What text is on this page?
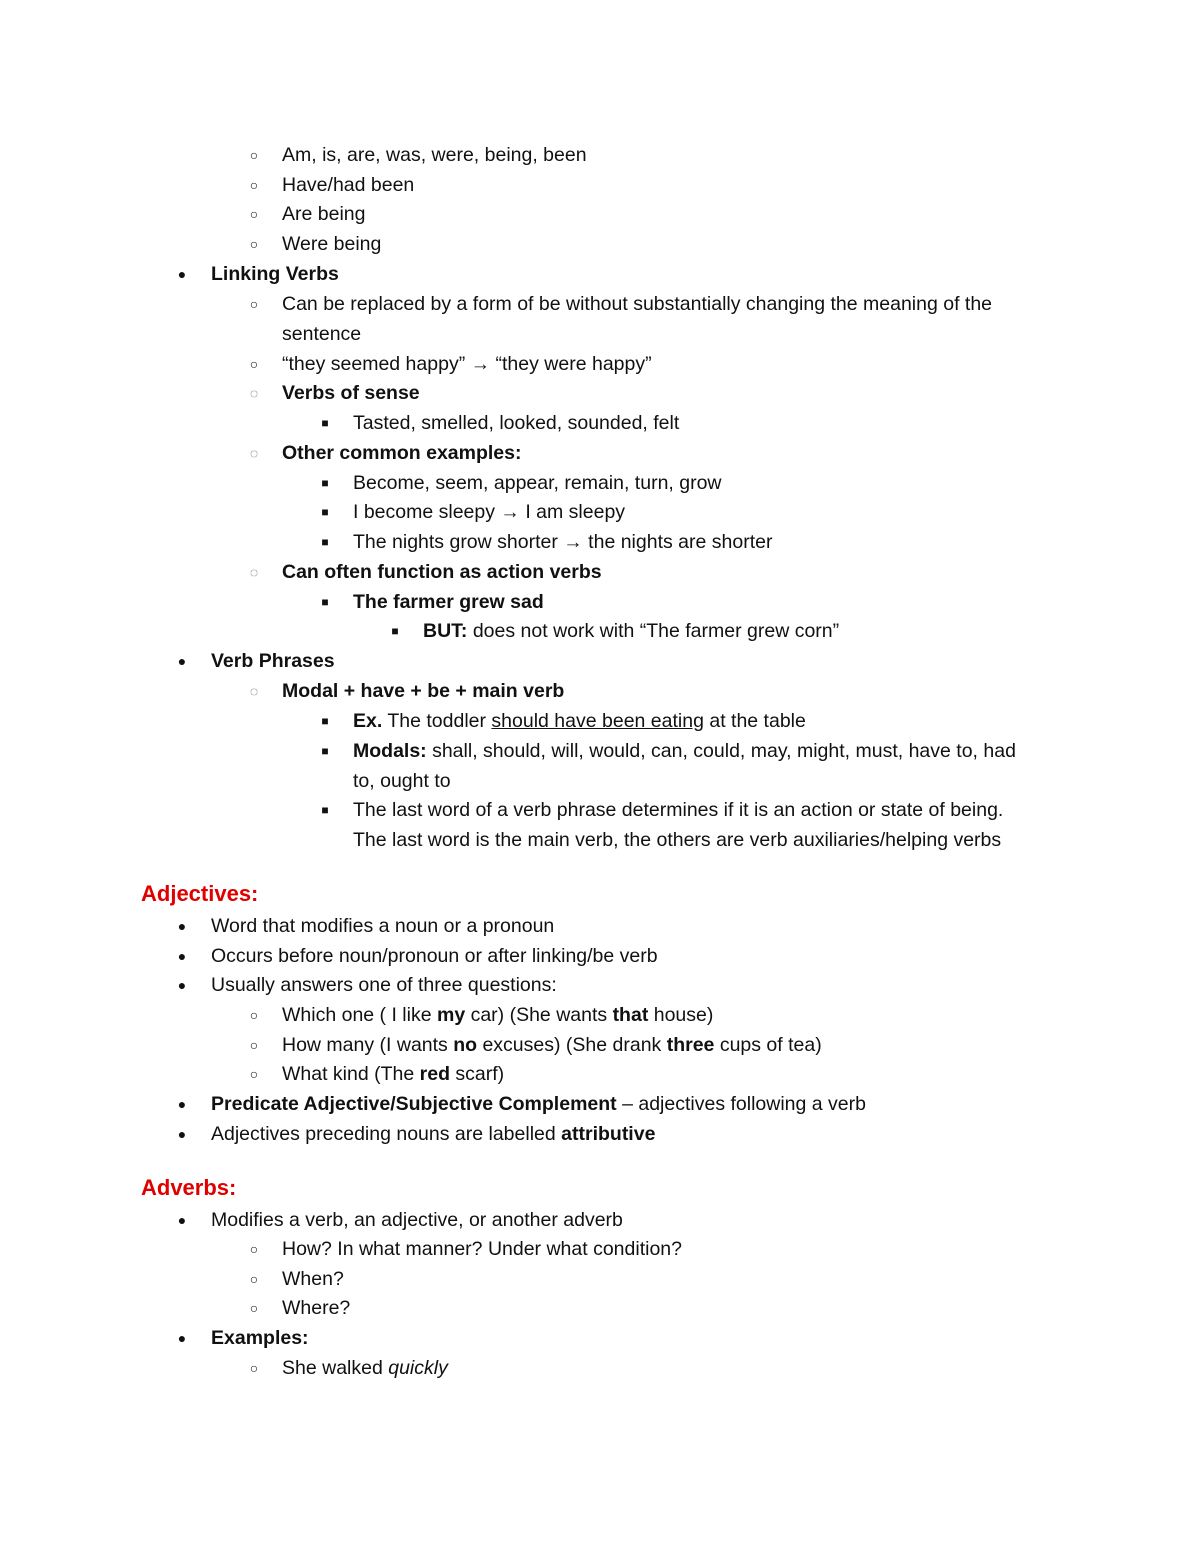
○ Am, is, are, was, were, being, been
○ Have/had been
○ Are being
○ Were being
● Linking Verbs
○ Can be replaced by a form of be without substantially changing the meaning of the
sentence
○ “they seemed happy” → “they were happy”
◌ Verbs of sense
■	Tasted, smelled, looked, sounded, felt
◌ Other common examples:
■	Become, seem, appear, remain, turn, grow
■	I become sleepy → I am sleepy
■	The nights grow shorter → the nights are shorter
◌ Can often function as action verbs
■	The farmer grew sad
■	BUT: does not work with “The farmer grew corn”
● Verb Phrases
◌ Modal + have + be + main verb
■	Ex. The toddler should have been eating at the table
■	Modals: shall, should, will, would, can, could, may, might, must, have to, had
to, ought to
■	The last word of a verb phrase determines if it is an action or state of being.
The last word is the main verb, the others are verb auxiliaries/helping verbs
Adjectives:
● Word that modifies a noun or a pronoun
● Occurs before noun/pronoun or after linking/be verb
● Usually answers one of three questions:
○ Which one ( I like my car) (She wants that house)
○ How many (I wants no excuses) (She drank three cups of tea)
○ What kind (The red scarf)
● Predicate Adjective/Subjective Complement – adjectives following a verb
● Adjectives preceding nouns are labelled attributive
Adverbs:
● Modifies a verb, an adjective, or another adverb
○ How? In what manner? Under what condition?
○ When?
○ Where?
● Examples:
○ She walked quickly
